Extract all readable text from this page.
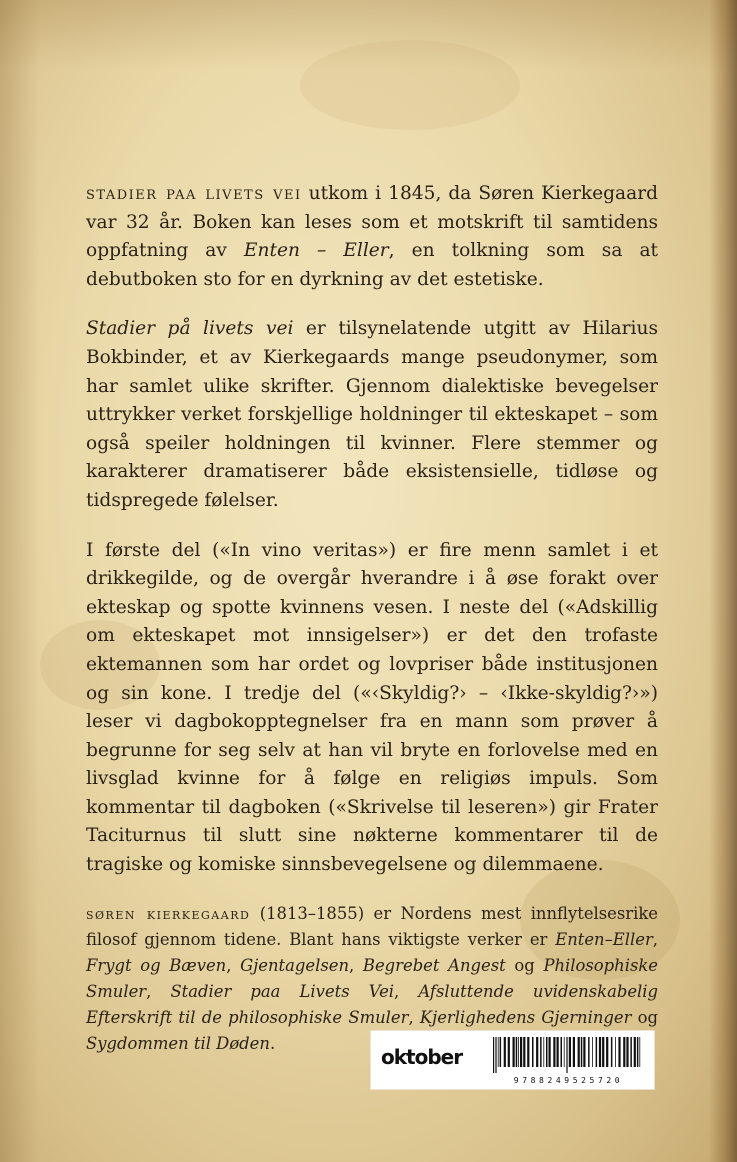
stadier paa livets vei utkom i 1845, da Søren Kierkegaard var 32 år. Boken kan leses som et motskrift til samtidens oppfatning av Enten – Eller, en tolkning som sa at debutboken sto for en dyrkning av det estetiske.

Stadier på livets vei er tilsynelatende utgitt av Hilarius Bokbinder, et av Kierkegaards mange pseudonymer, som har samlet ulike skrifter. Gjennom dialektiske bevegelser uttrykker verket forskjellige holdninger til ekteskapet – som også speiler holdningen til kvinner. Flere stemmer og karakterer dramatiserer både eksistensielle, tidløse og tidspregede følelser.

I første del («In vino veritas») er fire menn samlet i et drikkegilde, og de overgår hverandre i å øse forakt over ekteskap og spotte kvinnens vesen. I neste del («Adskillig om ekteskapet mot innsigelser») er det den trofaste ektemannen som har ordet og lovpriser både institusjonen og sin kone. I tredje del («‹Skyldig?› – ‹Ikke-skyldig?›») leser vi dagbokopptegnelser fra en mann som prøver å begrunne for seg selv at han vil bryte en forlovelse med en livsglad kvinne for å følge en religiøs impuls. Som kommentar til dagboken («Skrivelse til leseren») gir Frater Taciturnus til slutt sine nøkterne kommentarer til de tragiske og komiske sinnsbevegelsene og dilemmaene.

søren kierkegaard (1813–1855) er Nordens mest innflytelsesrike filosof gjennom tidene. Blant hans viktigste verker er Enten–Eller, Frygt og Bæven, Gjentagelsen, Begrebet Angest og Philosophiske Smuler, Stadier paa Livets Vei, Afsluttende uvidenskabelig Efterskrift til de philosophiske Smuler, Kjerlighedens Gjerninger og Sygdommen til Døden.

oktober
9788249525720
